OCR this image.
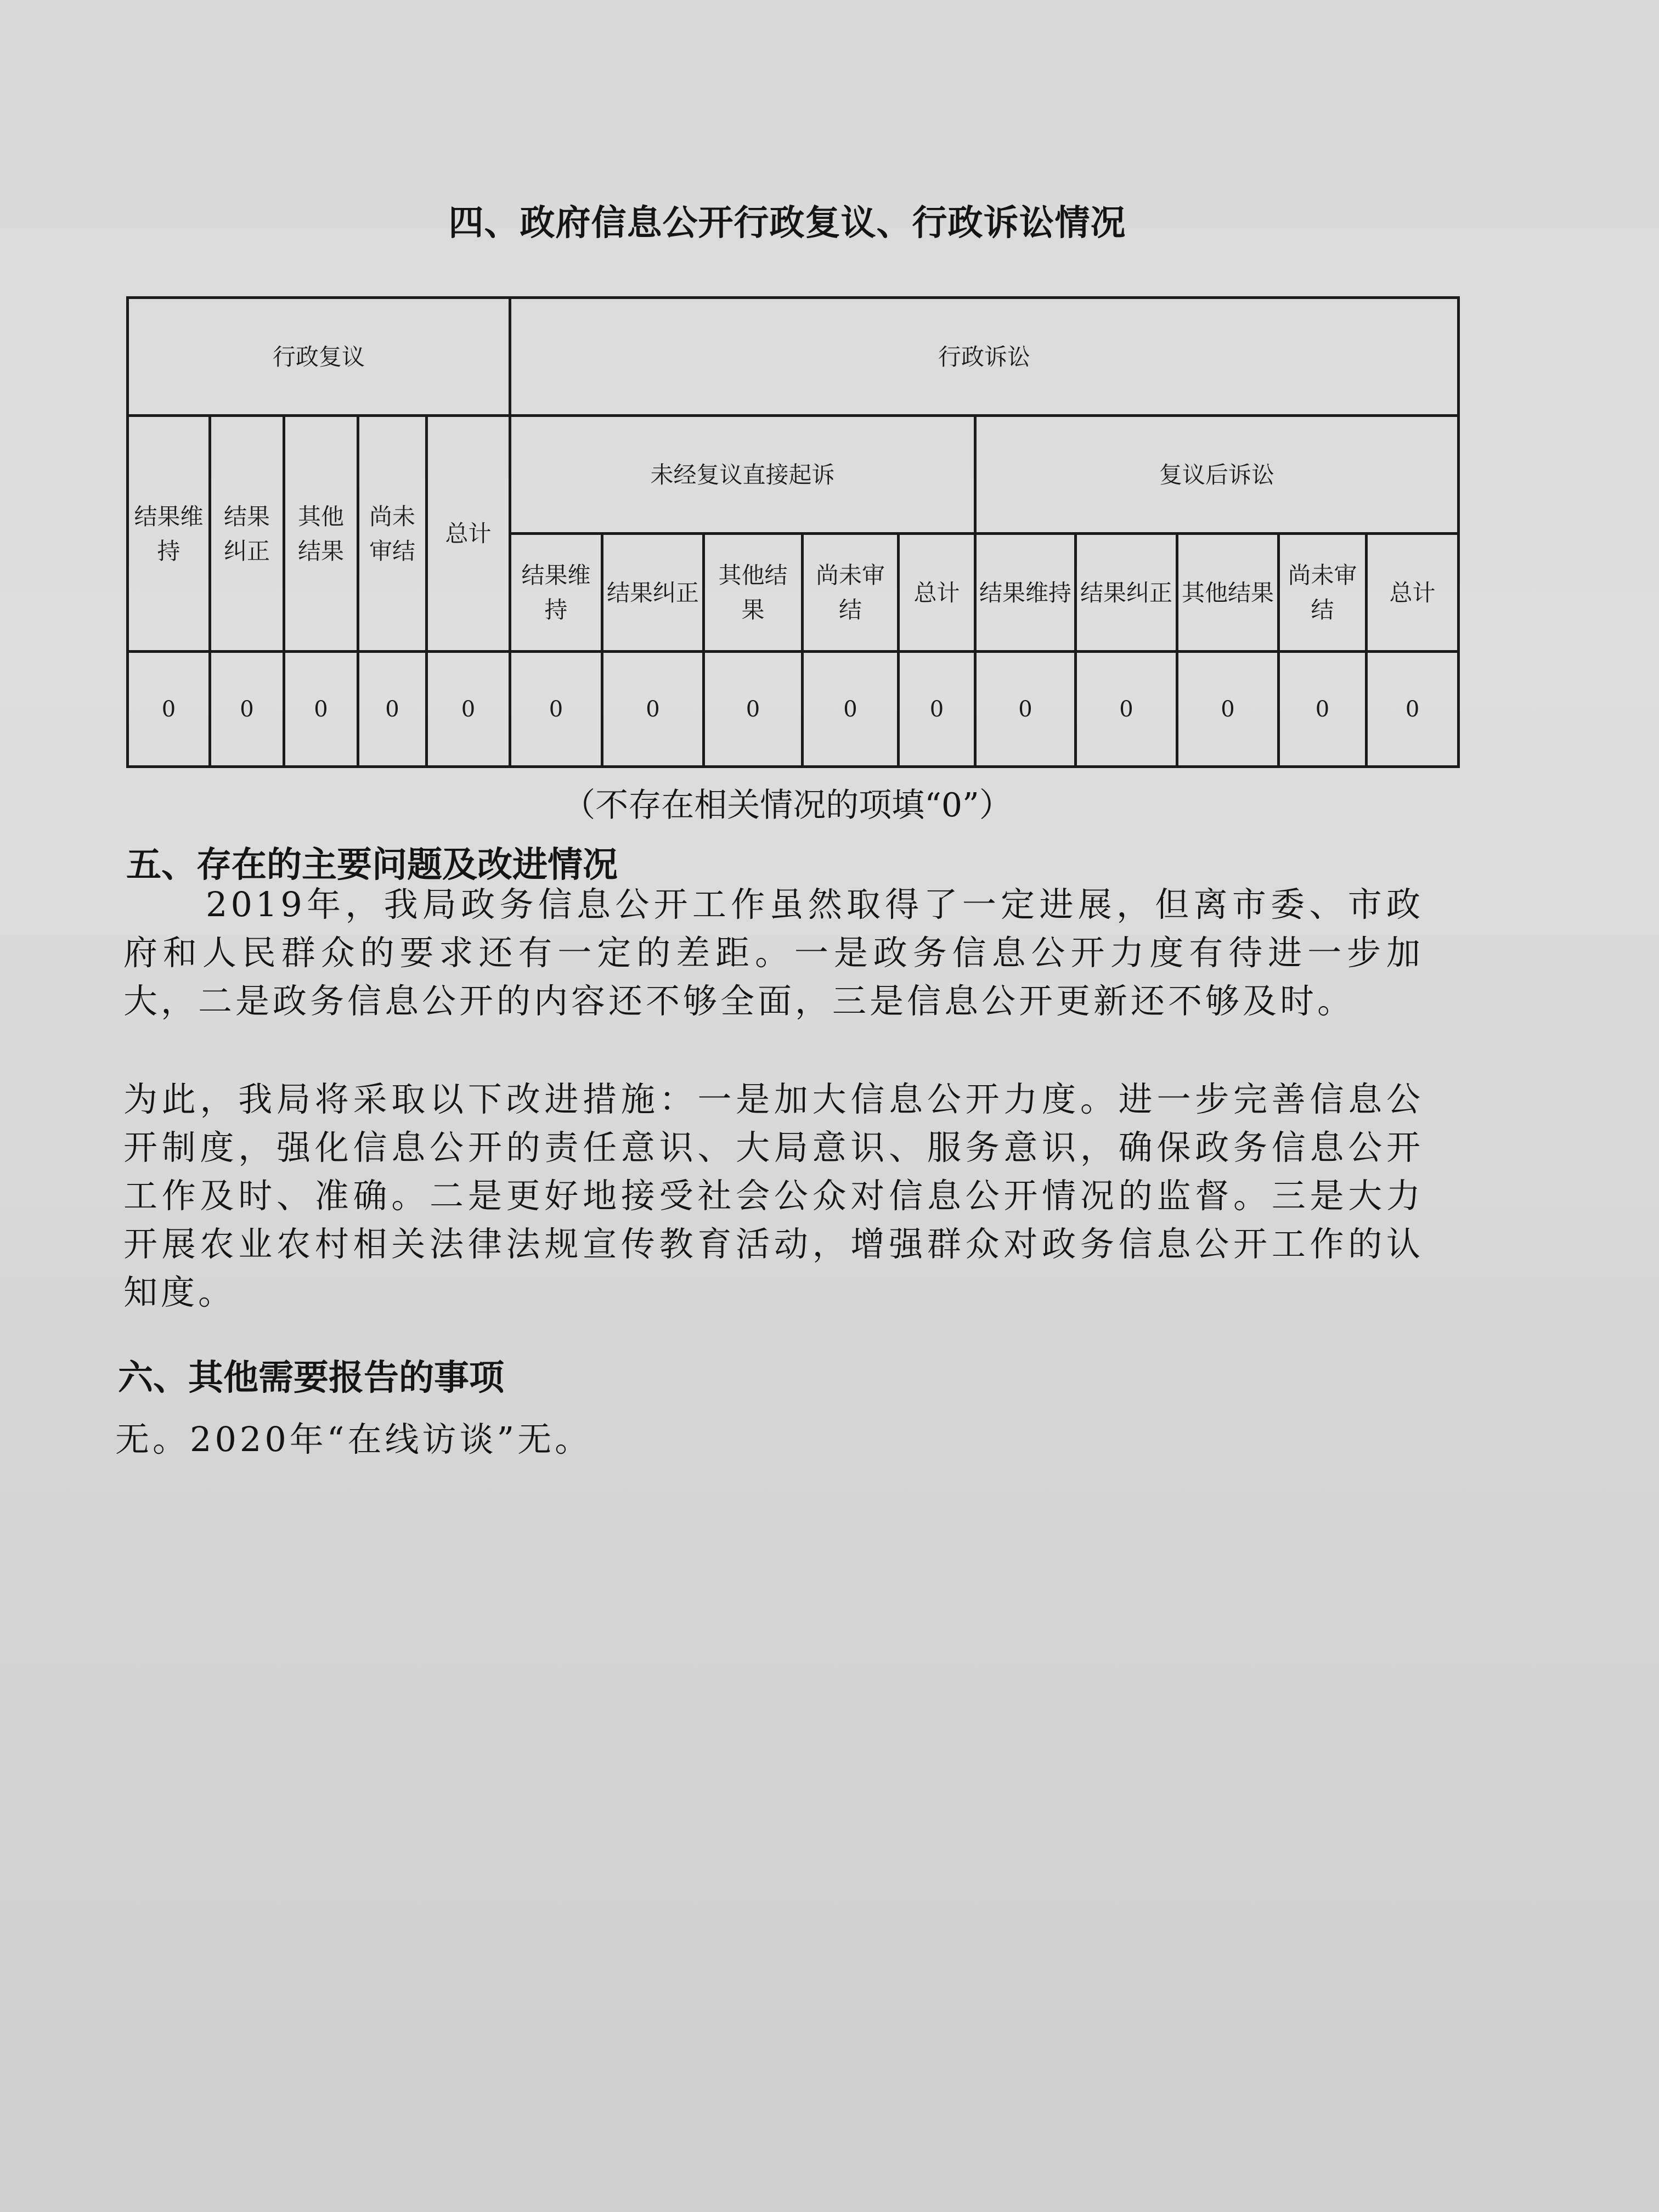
四、政府信息公开行政复议、行政诉讼情况
行政复议					行政诉讼									
结果维持	结果纠正	其他结果	尚未审结	总计	未经复议直接起诉					复议后诉讼				
					结果维持	结果纠正	其他结果	尚未审结	总计	结果维持	结果纠正	其他结果	尚未审结	总计
0	0	0	0	0	0	0	0	0	0	0	0	0	0	0
（不存在相关情况的项填“0”）
五、存在的主要问题及改进情况
2019年，我局政务信息公开工作虽然取得了一定进展，但离市委、市政府和人民群众的要求还有一定的差距。一是政务信息公开力度有待进一步加大，二是政务信息公开的内容还不够全面，三是信息公开更新还不够及时。
为此，我局将采取以下改进措施：一是加大信息公开力度。进一步完善信息公开制度，强化信息公开的责任意识、大局意识、服务意识，确保政务信息公开工作及时、准确。二是更好地接受社会公众对信息公开情况的监督。三是大力开展农业农村相关法律法规宣传教育活动，增强群众对政务信息公开工作的认知度。
六、其他需要报告的事项
无。2020年“在线访谈”无。
